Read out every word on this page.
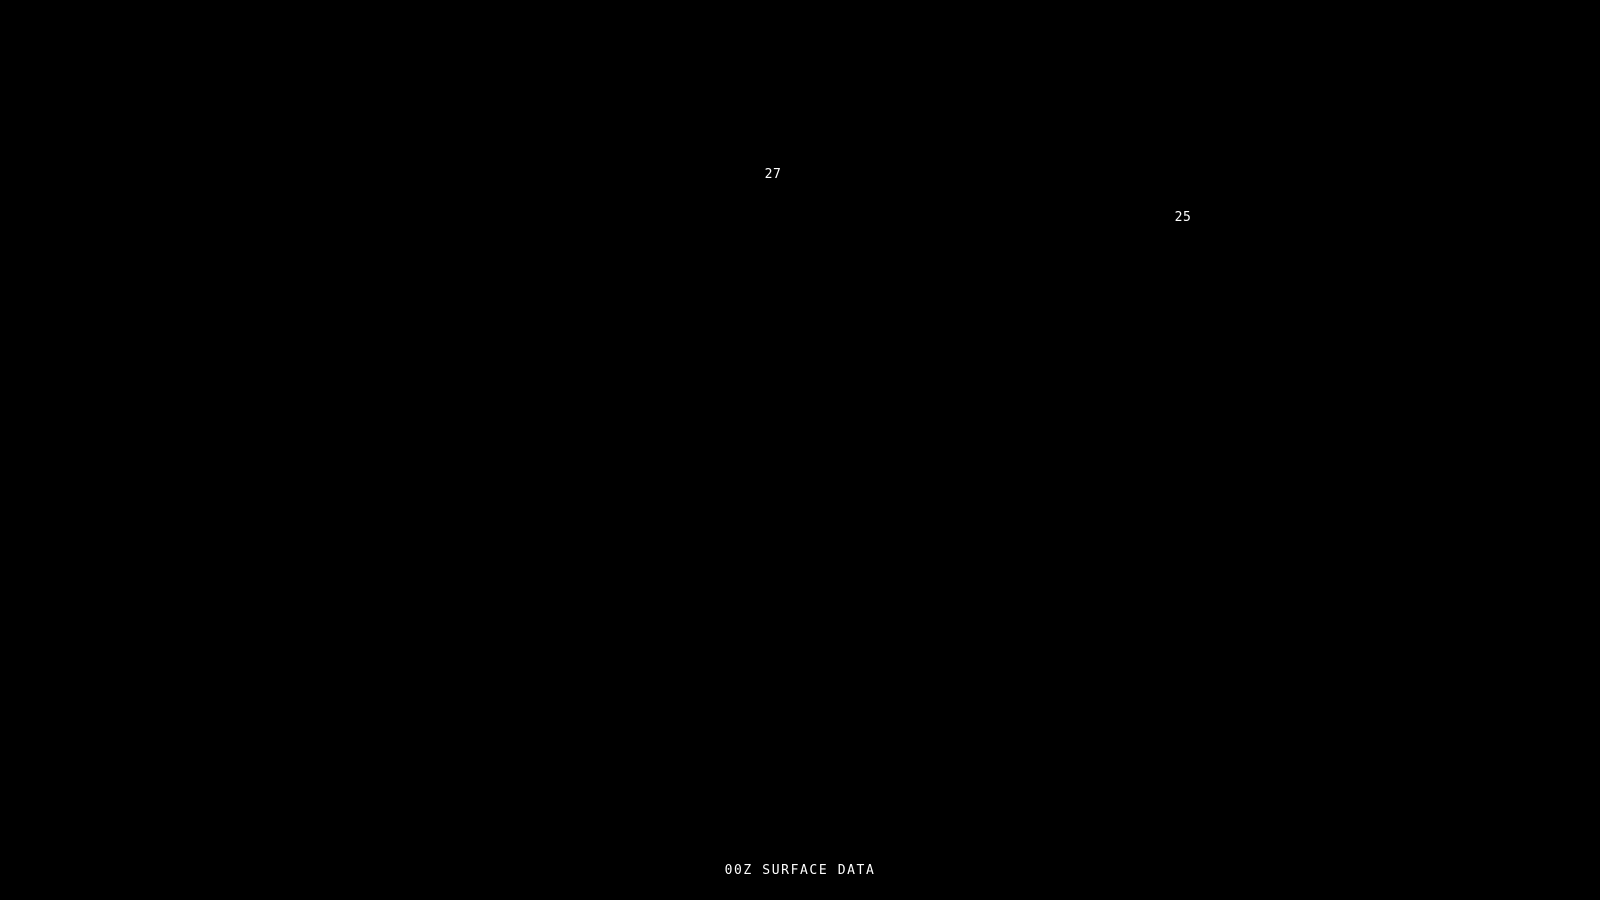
27
25
00Z SURFACE DATA
